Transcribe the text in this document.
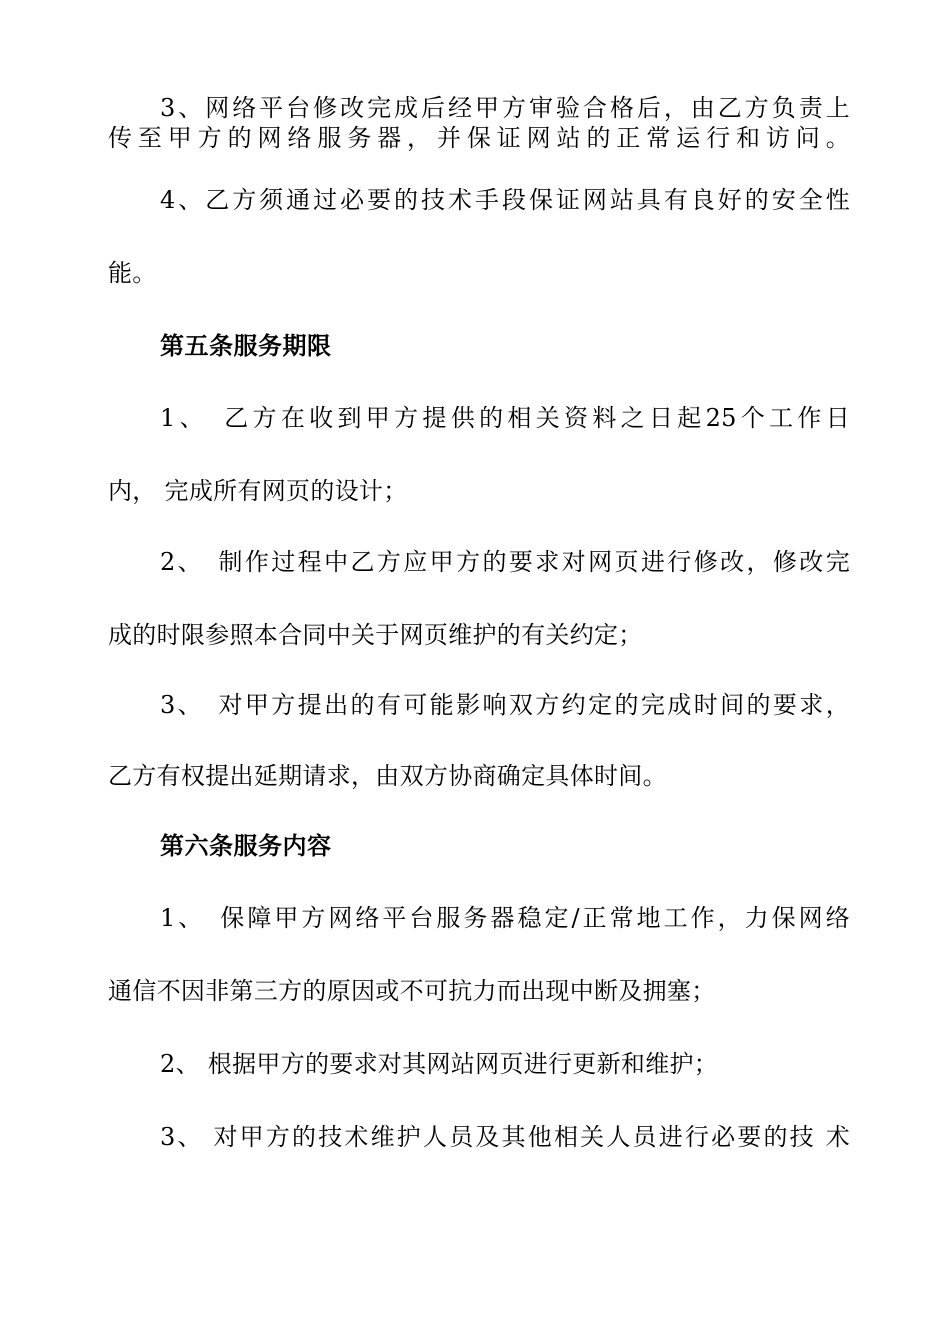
3、网络平台修改完成后经甲方审验合格后，由乙方负责上
传至甲方的网络服务器，并保证网站的正常运行和访问。
4、乙方须通过必要的技术手段保证网站具有良好的安全性
能。
第五条服务期限
1、　乙方在收到甲方提供的相关资料之日起25个工作日
内， 完成所有网页的设计；
2、　制作过程中乙方应甲方的要求对网页进行修改，修改完
成的时限参照本合同中关于网页维护的有关约定；
3、　对甲方提出的有可能影响双方约定的完成时间的要求，
乙方有权提出延期请求，由双方协商确定具体时间。
第六条服务内容
1、　保障甲方网络平台服务器稳定/正常地工作，力保网络
通信不因非第三方的原因或不可抗力而出现中断及拥塞；
2、 根据甲方的要求对其网站网页进行更新和维护；
3、 对甲方的技术维护人员及其他相关人员进行必要的技 术
